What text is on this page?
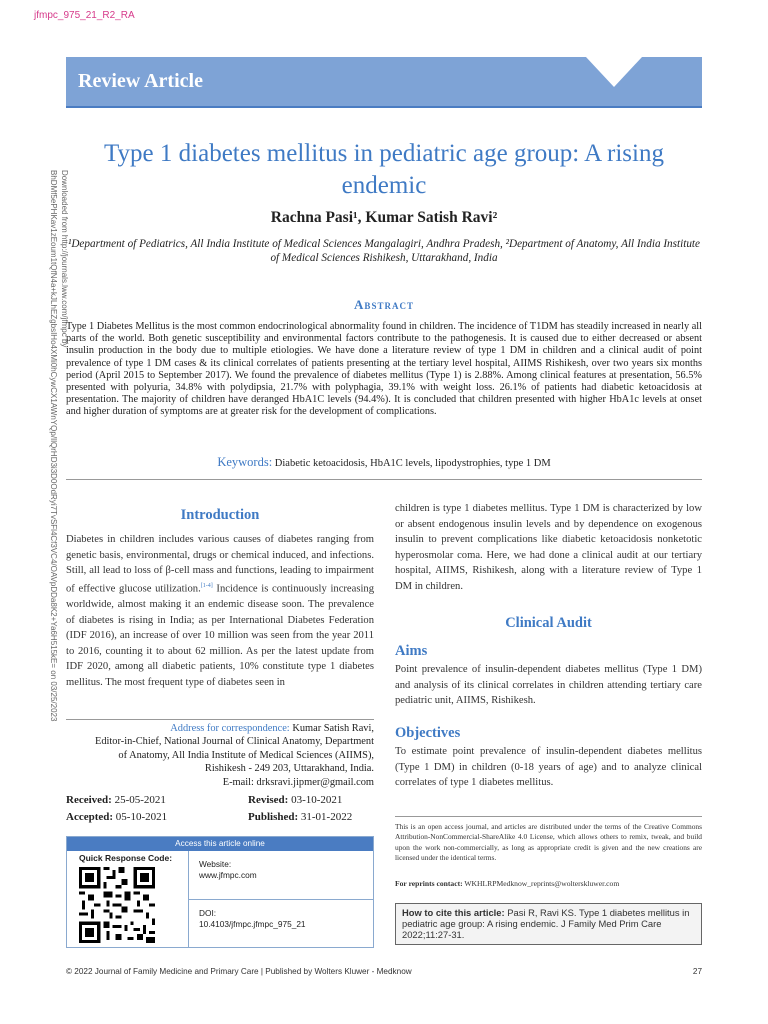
jfmpc_975_21_R2_RA
Review Article
Downloaded from http://journals.lww.com/jfmpc by BhDMf5ePHKav1zEoum1tQfN4a+kJLhEZgbsIHo4XMi0hCywCX1AWnYQp/IlQrHD3i3D0OdRyi7TvSFl4Cf3VC4/OAVpDDa8K2+Ya6H515kE= on 03/25/2023
Type 1 diabetes mellitus in pediatric age group: A rising endemic
Rachna Pasi¹, Kumar Satish Ravi²
¹Department of Pediatrics, All India Institute of Medical Sciences Mangalagiri, Andhra Pradesh, ²Department of Anatomy, All India Institute of Medical Sciences Rishikesh, Uttarakhand, India
Abstract

Type 1 Diabetes Mellitus is the most common endocrinological abnormality found in children. The incidence of T1DM has steadily increased in nearly all parts of the world. Both genetic susceptibility and environmental factors contribute to the pathogenesis. It is caused due to either decreased or absent insulin production in the body due to multiple etiologies. We have done a literature review of type 1 DM in children and a clinical audit of point prevalence of type 1 DM cases & its clinical correlates of patients presenting at the tertiary level hospital, AIIMS Rishikesh, over two years six months period (April 2015 to September 2017). We found the prevalence of diabetes mellitus (Type 1) is 2.88%. Among clinical features at presentation, 56.5% presented with polyuria, 34.8% with polydipsia, 21.7% with polyphagia, 39.1% with weight loss. 26.1% of patients had diabetic ketoacidosis at presentation. The majority of children have deranged HbA1C levels (94.4%). It is concluded that children presented with higher HbA1c levels at onset and higher duration of symptoms are at greater risk for the development of complications.

Keywords: Diabetic ketoacidosis, HbA1C levels, lipodystrophies, type 1 DM
Introduction

Diabetes in children includes various causes of diabetes ranging from genetic basis, environmental, drugs or chemical induced, and infections. Still, all lead to loss of β-cell mass and functions, leading to impairment of effective glucose utilization.[1-4] Incidence is continuously increasing worldwide, almost making it an endemic disease soon. The prevalence of diabetes is rising in India; as per International Diabetes Federation (IDF 2016), an increase of over 10 million was seen from the year 2011 to 2016, counting it to about 62 million. As per the latest update from IDF 2020, among all diabetic patients, 10% constitute type 1 diabetes mellitus. The most frequent type of diabetes seen in

Address for correspondence: Kumar Satish Ravi,
Editor-in-Chief, National Journal of Clinical Anatomy, Department
of Anatomy, All India Institute of Medical Sciences (AIIMS),
Rishikesh - 249 203, Uttarakhand, India.
E-mail: drksravi.jipmer@gmail.com
Received: 25-05-2021	Revised: 03-10-2021
Accepted: 05-10-2021	Published: 31-01-2022
Access this article online
Quick Response Code:
Website:
www.jfmpc.com
DOI:
10.4103/jfmpc.jfmpc_975_21

children is type 1 diabetes mellitus. Type 1 DM is characterized by low or absent endogenous insulin levels and by dependence on exogenous insulin to prevent complications like diabetic ketoacidosis nonketotic hyperosmolar coma. Here, we had done a clinical audit at our tertiary hospital, AIIMS, Rishikesh, along with a literature review of Type 1 DM in children.

Clinical Audit
Aims

Point prevalence of insulin-dependent diabetes mellitus (Type 1 DM) and analysis of its clinical correlates in children attending tertiary care pediatric unit, AIIMS, Rishikesh.

Objectives

To estimate point prevalence of insulin-dependent diabetes mellitus (Type 1 DM) in children (0-18 years of age) and to analyze clinical correlates of type 1 diabetes mellitus.

This is an open access journal, and articles are distributed under the terms of the Creative Commons Attribution-NonCommercial-ShareAlike 4.0 License, which allows others to remix, tweak, and build upon the work non-commercially, as long as appropriate credit is given and the new creations are licensed under the identical terms.

For reprints contact: WKHLRPMedknow_reprints@wolterskluwer.com
How to cite this article: Pasi R, Ravi KS. Type 1 diabetes mellitus in pediatric age group: A rising endemic. J Family Med Prim Care 2022;11:27-31.
© 2022 Journal of Family Medicine and Primary Care | Published by Wolters Kluwer - Medknow	27
